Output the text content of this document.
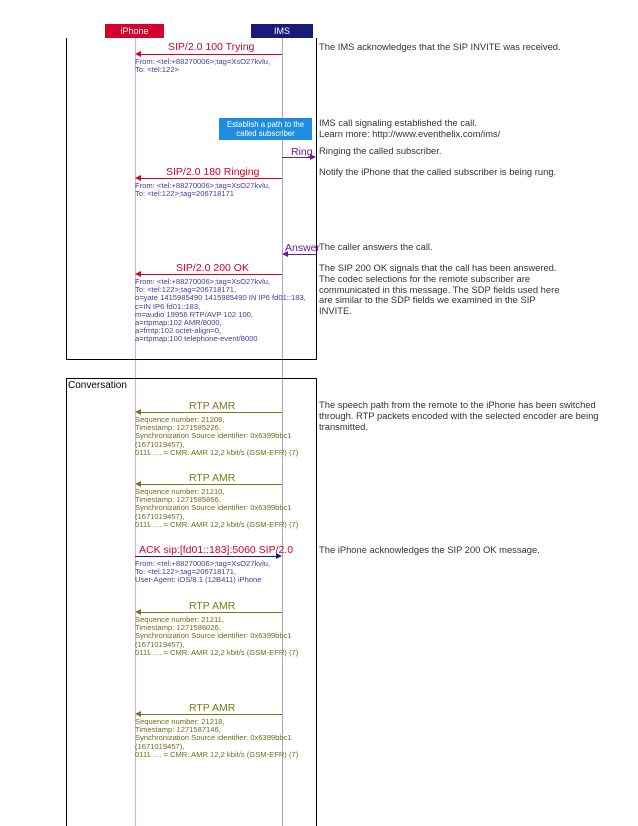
iPhone	IMS
Conversation
SIP/2.0 100 Trying
From: <tel:+88270006>;tag=XsO27kvlu,
To: <tel:122>
The IMS acknowledges that the SIP INVITE was received.
Establish a path to the called subscriber
IMS call signaling established the call.
Learn more: http://www.eventhelix.com/ims/
Ring Ringing the called subscriber.
SIP/2.0 180 Ringing
From: <tel:+88270006>;tag=XsO27kvlu,
To: <tel:122>;tag=206718171
Notify the iPhone that the called subscriber is being rung.
Answer
The caller answers the call.
SIP/2.0 200 OK
From: <tel:+88270006>;tag=XsO27kvlu,
To: <tel:122>;tag=206718171,
o=yate 1415985490 1415985490 IN IP6 fd01::183,
c=IN IP6 fd01::183,
m=audio 19956 RTP/AVP 102 100,
a=rtpmap:102 AMR/8000,
a=fmtp:102 octet-align=0,
a=rtpmap:100 telephone-event/8000
The SIP 200 OK signals that the call has been answered. The codec selections for the remote subscriber are communicated in this message. The SDP fields used here are similar to the SDP fields we examined in the SIP INVITE.
RTP AMR
Sequence number: 21208,
Timestamp: 1271585226,
Synchronization Source identifier: 0x6399bbc1
(1671019457),
0111 .... = CMR: AMR 12,2 kbit/s (GSM-EFR) (7)
The speech path from the remote to the iPhone has been switched through. RTP packets encoded with the selected encoder are being transmitted.
RTP AMR
Sequence number: 21210,
Timestamp: 1271585866,
Synchronization Source identifier: 0x6399bbc1
(1671019457),
0111 .... = CMR: AMR 12,2 kbit/s (GSM-EFR) (7)
ACK sip:[fd01::183]:5060 SIP/2.0
From: <tel:+88270006>;tag=XsO27kvlu,
To: <tel:122>;tag=206718171,
User-Agent: iOS/8.1 (12B411) iPhone
The iPhone acknowledges the SIP 200 OK message.
RTP AMR
Sequence number: 21211,
Timestamp: 1271586026,
Synchronization Source identifier: 0x6399bbc1
(1671019457),
0111 .... = CMR: AMR 12,2 kbit/s (GSM-EFR) (7)
RTP AMR
Sequence number: 21218,
Timestamp: 1271587146,
Synchronization Source identifier: 0x6399bbc1
(1671019457),
0111 .... = CMR: AMR 12,2 kbit/s (GSM-EFR) (7)
